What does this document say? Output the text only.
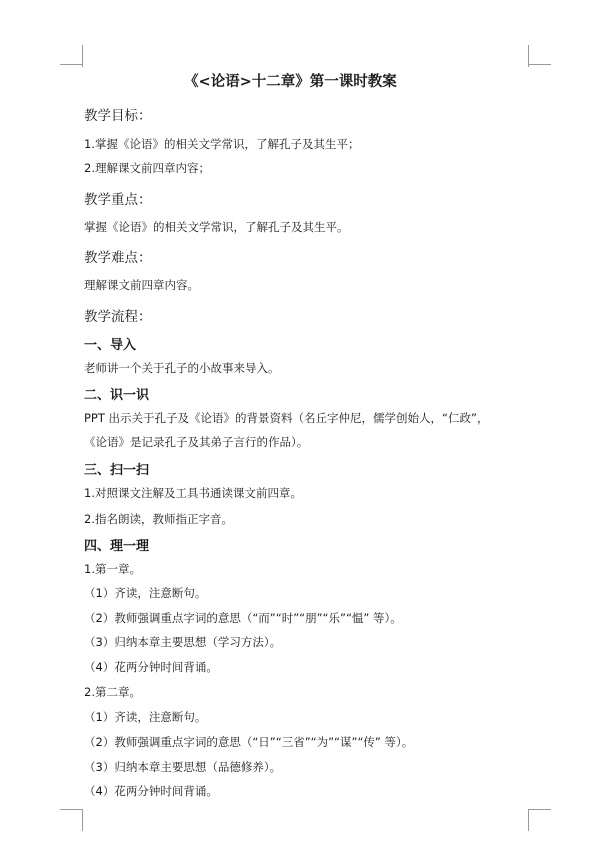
《<论语>十二章》第一课时教案
教学目标：
1.掌握《论语》的相关文学常识，了解孔子及其生平；
2.理解课文前四章内容；
教学重点：
掌握《论语》的相关文学常识，了解孔子及其生平。
教学难点：
理解课文前四章内容。
教学流程：
一、导入
老师讲一个关于孔子的小故事来导入。
二、识一识
PPT 出示关于孔子及《论语》的背景资料（名丘字仲尼，儒学创始人，“仁政”，
《论语》是记录孔子及其弟子言行的作品）。
三、扫一扫
1.对照课文注解及工具书通读课文前四章。
2.指名朗读，教师指正字音。
四、理一理
1.第一章。
（1）齐读，注意断句。
（2）教师强调重点字词的意思（“而”“时”“朋”“乐”“愠” 等）。
（3）归纳本章主要思想（学习方法）。
（4）花两分钟时间背诵。
2.第二章。
（1）齐读，注意断句。
（2）教师强调重点字词的意思（“日”“三省”“为”“谋”“传” 等）。
（3）归纳本章主要思想（品德修养）。
（4）花两分钟时间背诵。
